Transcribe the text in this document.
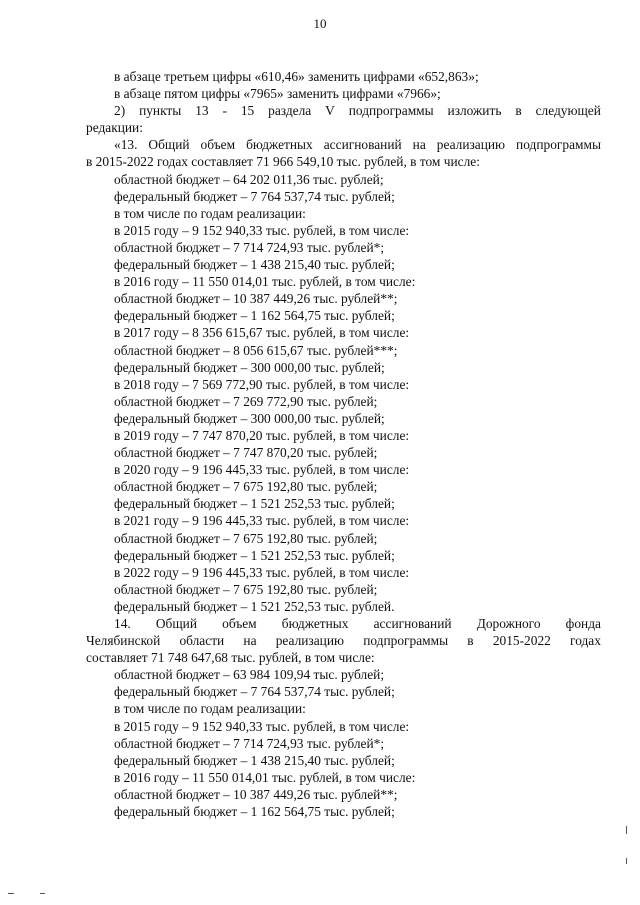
10

в абзаце третьем цифры «610,46» заменить цифрами «652,863»;

в абзаце пятом цифры «7965» заменить цифрами «7966»;

2) пункты 13 - 15 раздела V подпрограммы изложить в следующей

редакции:

«13. Общий объем бюджетных ассигнований на реализацию подпрограммы

в 2015-2022 годах составляет 71 966 549,10 тыс. рублей, в том числе:

областной бюджет – 64 202 011,36 тыс. рублей;

федеральный бюджет – 7 764 537,74 тыс. рублей;

в том числе по годам реализации:

в 2015 году – 9 152 940,33 тыс. рублей, в том числе:

областной бюджет – 7 714 724,93 тыс. рублей*;

федеральный бюджет – 1 438 215,40 тыс. рублей;

в 2016 году – 11 550 014,01 тыс. рублей, в том числе:

областной бюджет – 10 387 449,26 тыс. рублей**;

федеральный бюджет – 1 162 564,75 тыс. рублей;

в 2017 году – 8 356 615,67 тыс. рублей, в том числе:

областной бюджет – 8 056 615,67 тыс. рублей***;

федеральный бюджет – 300 000,00 тыс. рублей;

в 2018 году – 7 569 772,90 тыс. рублей, в том числе:

областной бюджет – 7 269 772,90 тыс. рублей;

федеральный бюджет – 300 000,00 тыс. рублей;

в 2019 году – 7 747 870,20 тыс. рублей, в том числе:

областной бюджет – 7 747 870,20 тыс. рублей;

в 2020 году – 9 196 445,33 тыс. рублей, в том числе:

областной бюджет – 7 675 192,80 тыс. рублей;

федеральный бюджет – 1 521 252,53 тыс. рублей;

в 2021 году – 9 196 445,33 тыс. рублей, в том числе:

областной бюджет – 7 675 192,80 тыс. рублей;

федеральный бюджет – 1 521 252,53 тыс. рублей;

в 2022 году – 9 196 445,33 тыс. рублей, в том числе:

областной бюджет – 7 675 192,80 тыс. рублей;

федеральный бюджет – 1 521 252,53 тыс. рублей.

14. Общий объем бюджетных ассигнований Дорожного фонда
Челябинской области на реализацию подпрограммы в 2015-2022 годах

составляет 71 748 647,68 тыс. рублей, в том числе:

областной бюджет – 63 984 109,94 тыс. рублей;

федеральный бюджет – 7 764 537,74 тыс. рублей;

в том числе по годам реализации:

в 2015 году – 9 152 940,33 тыс. рублей, в том числе:

областной бюджет – 7 714 724,93 тыс. рублей*;

федеральный бюджет – 1 438 215,40 тыс. рублей;

в 2016 году – 11 550 014,01 тыс. рублей, в том числе:

областной бюджет – 10 387 449,26 тыс. рублей**;

федеральный бюджет – 1 162 564,75 тыс. рублей;
